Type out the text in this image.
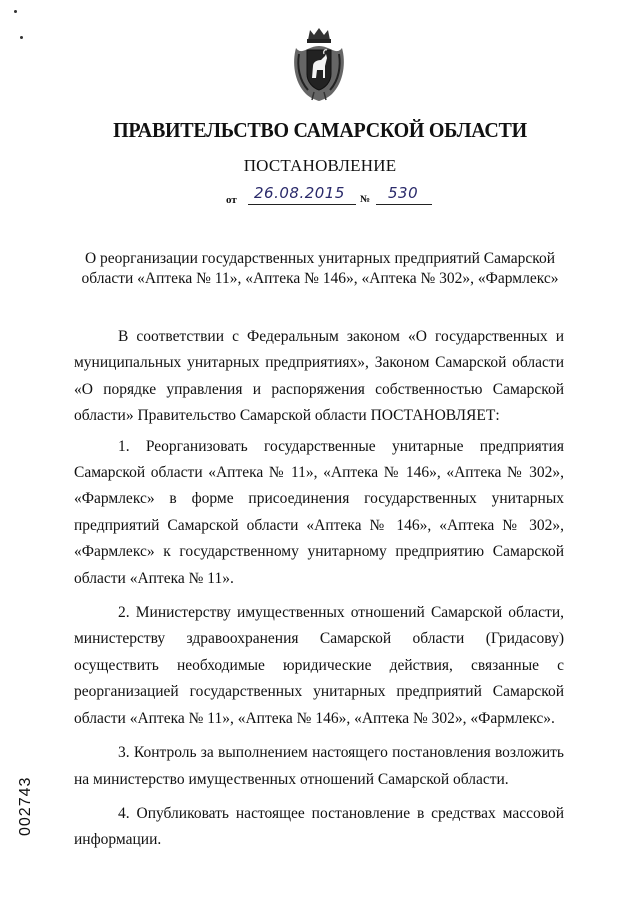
ПРАВИТЕЛЬСТВО САМАРСКОЙ ОБЛАСТИ
ПОСТАНОВЛЕНИЕ
от 26.08.2015 № 530
О реорганизации государственных унитарных предприятий Самарской области «Аптека № 11», «Аптека № 146», «Аптека № 302», «Фармлекс»

В соответствии с Федеральным законом «О государственных и муниципальных унитарных предприятиях», Законом Самарской области «О порядке управления и распоряжения собственностью Самарской области» Правительство Самарской области ПОСТАНОВЛЯЕТ:

1. Реорганизовать государственные унитарные предприятия Самарской области «Аптека № 11», «Аптека № 146», «Аптека № 302», «Фармлекс» в форме присоединения государственных унитарных предприятий Самарской области «Аптека № 146», «Аптека № 302», «Фармлекс» к государственному унитарному предприятию Самарской области «Аптека № 11».

2. Министерству имущественных отношений Самарской области, министерству здравоохранения Самарской области (Гридасову) осуществить необходимые юридические действия, связанные с реорганизацией государственных унитарных предприятий Самарской области «Аптека № 11», «Аптека № 146», «Аптека № 302», «Фармлекс».

3. Контроль за выполнением настоящего постановления возложить на министерство имущественных отношений Самарской области.

4. Опубликовать настоящее постановление в средствах массовой информации.

002743
